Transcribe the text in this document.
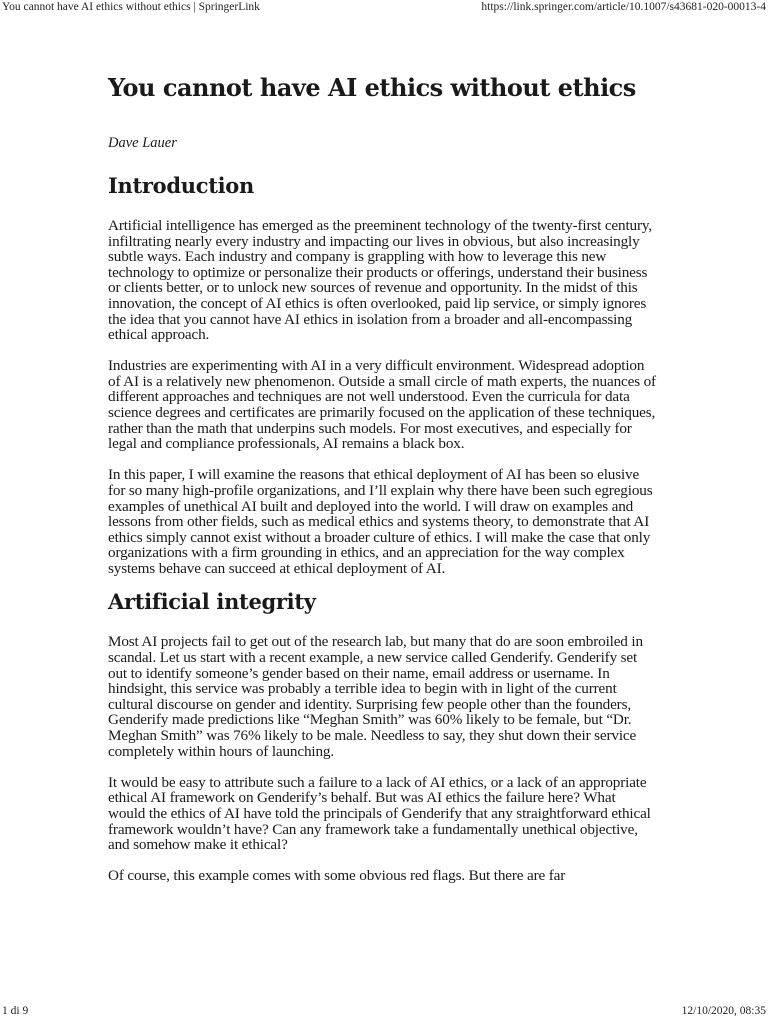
You cannot have AI ethics without ethics | SpringerLink	https://link.springer.com/article/10.1007/s43681-020-00013-4
You cannot have AI ethics without ethics

Dave Lauer

Introduction

Artificial intelligence has emerged as the preeminent technology of the twenty-first century, infiltrating nearly every industry and impacting our lives in obvious, but also increasingly subtle ways. Each industry and company is grappling with how to leverage this new technology to optimize or personalize their products or offerings, understand their business or clients better, or to unlock new sources of revenue and opportunity. In the midst of this innovation, the concept of AI ethics is often overlooked, paid lip service, or simply ignores the idea that you cannot have AI ethics in isolation from a broader and all-encompassing ethical approach.

Industries are experimenting with AI in a very difficult environment. Widespread adoption of AI is a relatively new phenomenon. Outside a small circle of math experts, the nuances of different approaches and techniques are not well understood. Even the curricula for data science degrees and certificates are primarily focused on the application of these techniques, rather than the math that underpins such models. For most executives, and especially for legal and compliance professionals, AI remains a black box.

In this paper, I will examine the reasons that ethical deployment of AI has been so elusive for so many high-profile organizations, and I’ll explain why there have been such egregious examples of unethical AI built and deployed into the world. I will draw on examples and lessons from other fields, such as medical ethics and systems theory, to demonstrate that AI ethics simply cannot exist without a broader culture of ethics. I will make the case that only organizations with a firm grounding in ethics, and an appreciation for the way complex systems behave can succeed at ethical deployment of AI.

Artificial integrity

Most AI projects fail to get out of the research lab, but many that do are soon embroiled in scandal. Let us start with a recent example, a new service called Genderify. Genderify set out to identify someone’s gender based on their name, email address or username. In hindsight, this service was probably a terrible idea to begin with in light of the current cultural discourse on gender and identity. Surprising few people other than the founders, Genderify made predictions like “Meghan Smith” was 60% likely to be female, but “Dr. Meghan Smith” was 76% likely to be male. Needless to say, they shut down their service completely within hours of launching.

It would be easy to attribute such a failure to a lack of AI ethics, or a lack of an appropriate ethical AI framework on Genderify’s behalf. But was AI ethics the failure here? What would the ethics of AI have told the principals of Genderify that any straightforward ethical framework wouldn’t have? Can any framework take a fundamentally unethical objective, and somehow make it ethical?

Of course, this example comes with some obvious red flags. But there are far

1 di 9	12/10/2020, 08:35
